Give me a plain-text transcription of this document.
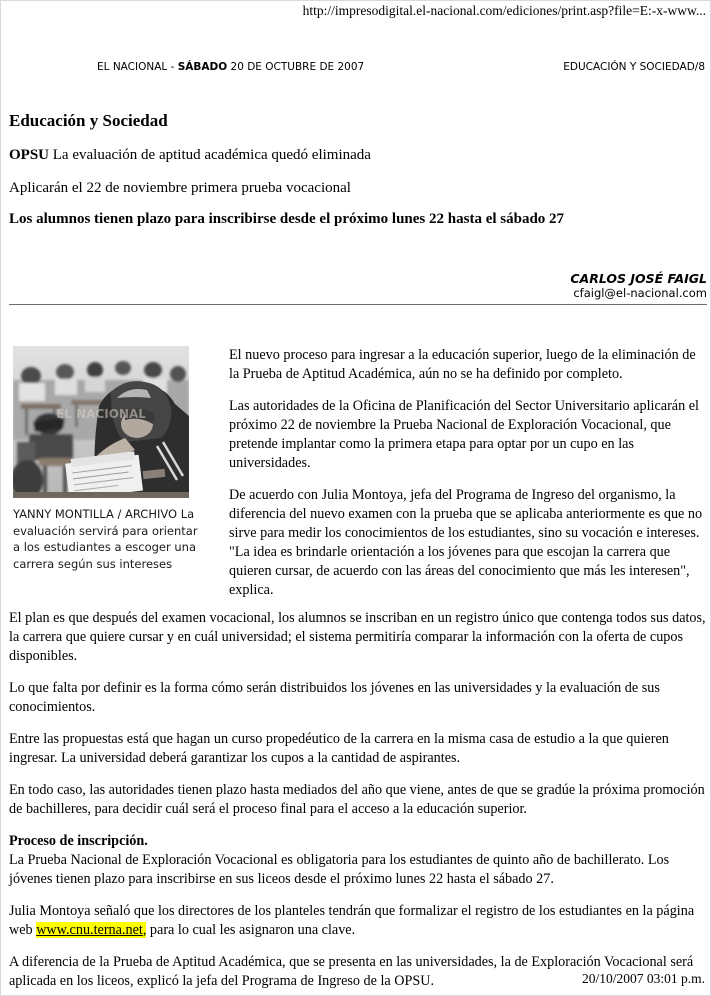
http://impresodigital.el-nacional.com/ediciones/print.asp?file=E:-x-www...
EL NACIONAL - SÁBADO 20 DE OCTUBRE DE 2007	EDUCACIÓN Y SOCIEDAD/8
Educación y Sociedad

OPSU La evaluación de aptitud académica quedó eliminada

Aplicarán el 22 de noviembre primera prueba vocacional

Los alumnos tienen plazo para inscribirse desde el próximo lunes 22 hasta el sábado 27

CARLOS JOSÉ FAIGL
cfaigl@el-nacional.com
EL NACIONAL
YANNY MONTILLA / ARCHIVO La evaluación servirá para orientar a los estudiantes a escoger una carrera según sus intereses

El nuevo proceso para ingresar a la educación superior, luego de la eliminación de la Prueba de Aptitud Académica, aún no se ha definido por completo.

Las autoridades de la Oficina de Planificación del Sector Universitario aplicarán el próximo 22 de noviembre la Prueba Nacional de Exploración Vocacional, que pretende implantar como la primera etapa para optar por un cupo en las universidades.

De acuerdo con Julia Montoya, jefa del Programa de Ingreso del organismo, la diferencia del nuevo examen con la prueba que se aplicaba anteriormente es que no sirve para medir los conocimientos de los estudiantes, sino su vocación e intereses. "La idea es brindarle orientación a los jóvenes para que escojan la carrera que quieren cursar, de acuerdo con las áreas del conocimiento que más les interesen", explica.

El plan es que después del examen vocacional, los alumnos se inscriban en un registro único que contenga todos sus datos, la carrera que quiere cursar y en cuál universidad; el sistema permitiría comparar la información con la oferta de cupos disponibles.

Lo que falta por definir es la forma cómo serán distribuidos los jóvenes en las universidades y la evaluación de sus conocimientos.

Entre las propuestas está que hagan un curso propedéutico de la carrera en la misma casa de estudio a la que quieren ingresar. La universidad deberá garantizar los cupos a la cantidad de aspirantes.

En todo caso, las autoridades tienen plazo hasta mediados del año que viene, antes de que se gradúe la próxima promoción de bachilleres, para decidir cuál será el proceso final para el acceso a la educación superior.

Proceso de inscripción.

La Prueba Nacional de Exploración Vocacional es obligatoria para los estudiantes de quinto año de bachillerato. Los jóvenes tienen plazo para inscribirse en sus liceos desde el próximo lunes 22 hasta el sábado 27.

Julia Montoya señaló que los directores de los planteles tendrán que formalizar el registro de los estudiantes en la página web www.cnu.terna.net, para lo cual les asignaron una clave.

A diferencia de la Prueba de Aptitud Académica, que se presenta en las universidades, la de Exploración Vocacional será aplicada en los liceos, explicó la jefa del Programa de Ingreso de la OPSU.	20/10/2007 03:01 p.m.
